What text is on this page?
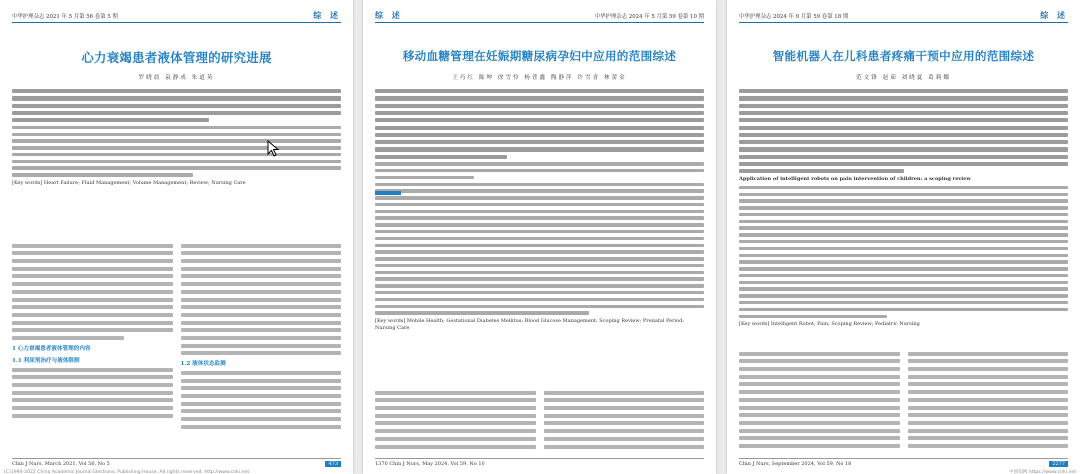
中华护理杂志 2021 年 5 月第 56 卷第 5 期	综 述
心力衰竭患者液体管理的研究进展
罗晓晨 袁静成 朱道英
[Key words] Heart Failure; Fluid Management; Volume Management; Review; Nursing Care
1 心力衰竭患者液体管理的内容
1.1 利尿剂治疗与液体限制
1.2 液体状态监测
Chin J Nurs, March 2021, Vol 56, No 5	473
(C)1994-2022 China Academic Journal Electronic Publishing House. All rights reserved. http://www.cnki.net
综 述	中华护理杂志 2024 年 5 月第 59 卷第 10 期
移动血糖管理在妊娠期糖尿病孕妇中应用的范围综述
王巧红 陈坤 徐雪怜 杨普鑫 陶静萍 许雪青 林蕾金
[Key words] Mobile Health; Gestational Diabetes Mellitus; Blood Glucose Management; Scoping Review; Prenatal Period; Nursing Care
1370 Chin J Nurs, May 2024, Vol 59, No 10
中华护理杂志 2024 年 9 月第 59 卷第 18 期	综 述
智能机器人在儿科患者疼痛干预中应用的范围综述
范文锋 赵茹 刘晓夏 葛莉娜
Application of intelligent robots on pain intervention of children: a scoping review
[Key words] Intelligent Robot; Pain; Scoping Review; Pediatric Nursing
Chin J Nurs, September 2024, Vol 59, No 18	2277
中国知网 https://www.cnki.net
